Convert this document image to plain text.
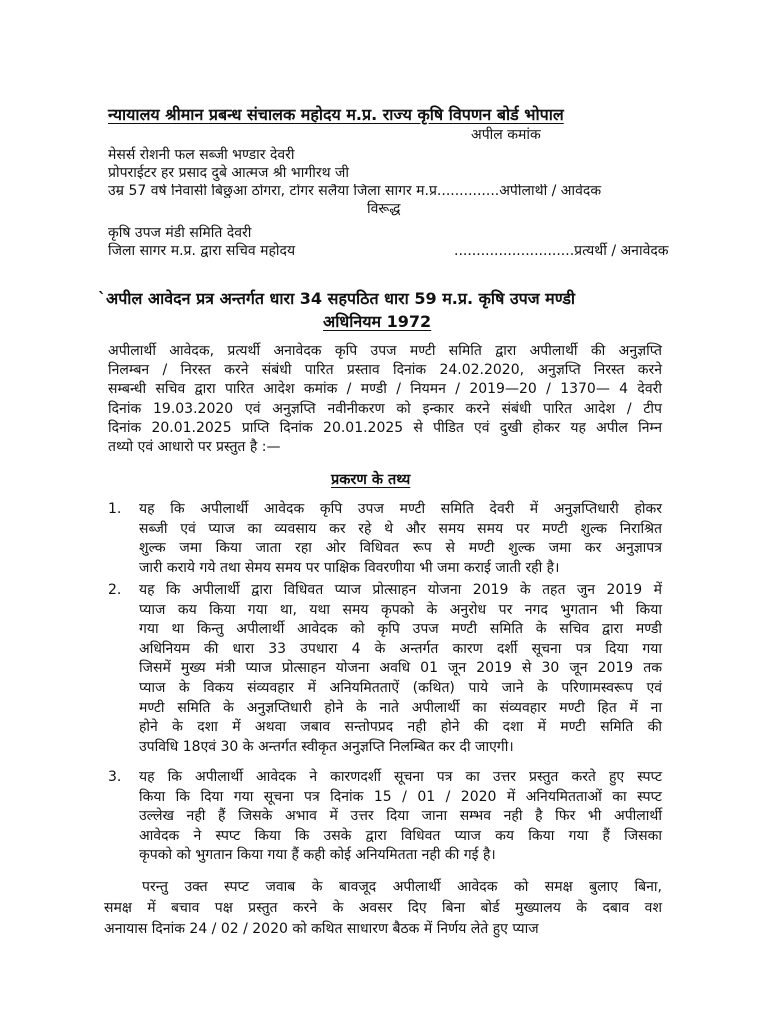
न्यायालय श्रीमान प्रबन्ध संचालक महोदय म.प्र. राज्य कृषि विपणन बोर्ड भोपाल
अपील कमांक
मेसर्स रोशनी फल सब्जी भण्डार देवरी
प्रोपराईटर हर प्रसाद दुबे आत्मज श्री भागीरथ जी
उम्र 57 वर्ष निवासी बिछुआ ठोंगरा, टोंगर सलैया जिला सागर म.प्र..............अपीलार्थी / आवेदक
विरूद्ध
कृषि उपज मंडी समिति देवरी
जिला सागर म.प्र. द्वारा सचिव महोदय	...........................प्रत्यर्थी / अनावेदक
`अपील आवेदन प्रत्र अन्तर्गत धारा 34 सहपठित धारा 59 म.प्र. कृषि उपज मण्डी
अधिनियम 1972
अपीलार्थी आवेदक, प्रत्यर्थी अनावेदक कृपि उपज मण्टी समिति द्वारा अपीलार्थी की अनुज्ञप्ति
निलम्बन / निरस्त करने संबंधी पारित प्रस्ताव दिनांक 24.02.2020, अनुज्ञप्ति निरस्त करने
सम्बन्धी सचिव द्वारा पारित आदेश कमांक / मण्डी / नियमन / 2019—20 / 1370— 4 देवरी
दिनांक 19.03.2020 एवं अनुज्ञप्ति नवीनीकरण को इन्कार करने संबंधी पारित आदेश / टीप
दिनांक 20.01.2025 प्राप्ति दिनांक 20.01.2025 से पीडित एवं दुखी होकर यह अपील निम्न
तथ्यो एवं आधारो पर प्रस्तुत है :—
प्रकरण के तथ्य
1. यह कि अपीलार्थी आवेदक कृपि उपज मण्टी समिति देवरी में अनुज्ञप्तिधारी होकर
सब्जी एवं प्याज का व्यवसाय कर रहे थे और समय समय पर मण्टी शुल्क निराश्रित
शुल्क जमा किया जाता रहा ओर विधिवत रूप से मण्टी शुल्क जमा कर अनुज्ञापत्र
जारी कराये गये तथा सेमय समय पर पाक्षिक विवरणीया भी जमा कराई जाती रही है।
2. यह कि अपीलार्थी द्वारा विधिवत प्याज प्रोत्साहन योजना 2019 के तहत जुन 2019 में
प्याज कय किया गया था, यथा समय कृपको के अनुरोध पर नगद भुगतान भी किया
गया था किन्तु अपीलार्थी आवेदक को कृपि उपज मण्टी समिति के सचिव द्वारा मण्डी
अधिनियम की धारा 33 उपधारा 4 के अन्तर्गत कारण दर्शी सूचना पत्र दिया गया
जिसमें मुख्य मंत्री प्याज प्रोत्साहन योजना अवधि 01 जून 2019 से 30 जून 2019 तक
प्याज के विकय संव्यवहार में अनियमितताऐं (कथित) पाये जाने के परिणामस्वरूप एवं
मण्टी समिति के अनुज्ञप्तिधारी होने के नाते अपीलार्थी का संव्यवहार मण्टी हित में ना
होने के दशा में अथवा जबाव सन्तोपप्रद नही होने की दशा में मण्टी समिति की
उपविधि 18एवं 30 के अन्तर्गत स्वीकृत अनुज्ञप्ति निलम्बित कर दी जाएगी।
3. यह कि अपीलार्थी आवेदक ने कारणदर्शी सूचना पत्र का उत्तर प्रस्तुत करते हुए स्पप्ट
किया कि दिया गया सूचना पत्र दिनांक 15 / 01 / 2020 में अनियमितताओं का स्पप्ट
उल्लेख नही हैं जिसके अभाव में उत्तर दिया जाना सम्भव नही है फिर भी अपीलार्थी
आवेदक ने स्पप्ट किया कि उसके द्वारा विधिवत प्याज कय किया गया हैं जिसका
कृपको को भुगतान किया गया हैं कही कोई अनियमितता नही की गई है।
परन्तु उक्त स्पप्ट जवाब के बावजूद अपीलार्थी आवेदक को समक्ष बुलाए बिना,
समक्ष में बचाव पक्ष प्रस्तुत करने के अवसर दिए बिना बोर्ड मुख्यालय के दबाव वश
अनायास दिनांक 24 / 02 / 2020 को कथित साधारण बैठक में निर्णय लेते हुए प्याज
